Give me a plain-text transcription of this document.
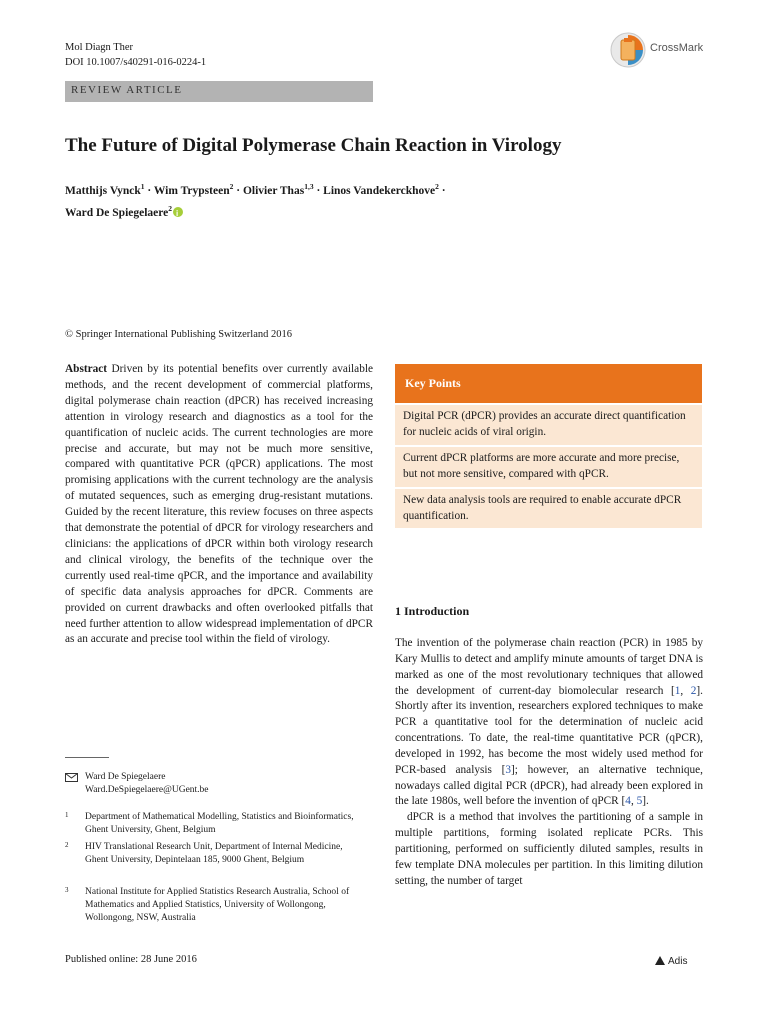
Mol Diagn Ther
DOI 10.1007/s40291-016-0224-1
CrossMark
REVIEW ARTICLE
The Future of Digital Polymerase Chain Reaction in Virology
Matthijs Vynck$^1$ · Wim Trypsteen$^2$ · Olivier Thas$^{1,3}$ · Linos Vandekerckhove$^2$ ·
Ward De Spiegelaere$^2$i
© Springer International Publishing Switzerland 2016
Abstract Driven by its potential benefits over currently available methods, and the recent development of commercial platforms, digital polymerase chain reaction (dPCR) has received increasing attention in virology research and diagnostics as a tool for the quantification of nucleic acids. The current technologies are more precise and accurate, but may not be much more sensitive, compared with quantitative PCR (qPCR) applications. The most promising applications with the current technology are the analysis of mutated sequences, such as emerging drug-resistant mutations. Guided by the recent literature, this review focuses on three aspects that demonstrate the potential of dPCR for virology researchers and clinicians: the applications of dPCR within both virology research and clinical virology, the benefits of the technique over the currently used real-time qPCR, and the importance and availability of specific data analysis approaches for dPCR. Comments are provided on current drawbacks and often overlooked pitfalls that need further attention to allow widespread implementation of dPCR as an accurate and precise tool within the field of virology.
Ward De Spiegelaere
Ward.DeSpiegelaere@UGent.be
1 Department of Mathematical Modelling, Statistics and Bioinformatics, Ghent University, Ghent, Belgium
2 HIV Translational Research Unit, Department of Internal Medicine, Ghent University, Depintelaan 185, 9000 Ghent, Belgium
3 National Institute for Applied Statistics Research Australia, School of Mathematics and Applied Statistics, University of Wollongong, Wollongong, NSW, Australia
Published online: 28 June 2016	Adis
Key Points
Digital PCR (dPCR) provides an accurate direct quantification for nucleic acids of viral origin.
Current dPCR platforms are more accurate and more precise, but not more sensitive, compared with qPCR.
New data analysis tools are required to enable accurate dPCR quantification.
1 Introduction

The invention of the polymerase chain reaction (PCR) in 1985 by Kary Mullis to detect and amplify minute amounts of target DNA is marked as one of the most revolutionary techniques that allowed the development of current-day biomolecular research [1, 2]. Shortly after its invention, researchers explored techniques to make PCR a quantitative tool for the determination of nucleic acid concentrations. To date, the real-time quantitative PCR (qPCR), developed in 1992, has become the most widely used method for PCR-based analysis [3]; however, an alternative technique, nowadays called digital PCR (dPCR), had already been explored in the late 1980s, well before the invention of qPCR [4, 5].

dPCR is a method that involves the partitioning of a sample in multiple partitions, forming isolated replicate PCRs. This partitioning, performed on sufficiently diluted samples, results in few template DNA molecules per partition. In this limiting dilution setting, the number of target
